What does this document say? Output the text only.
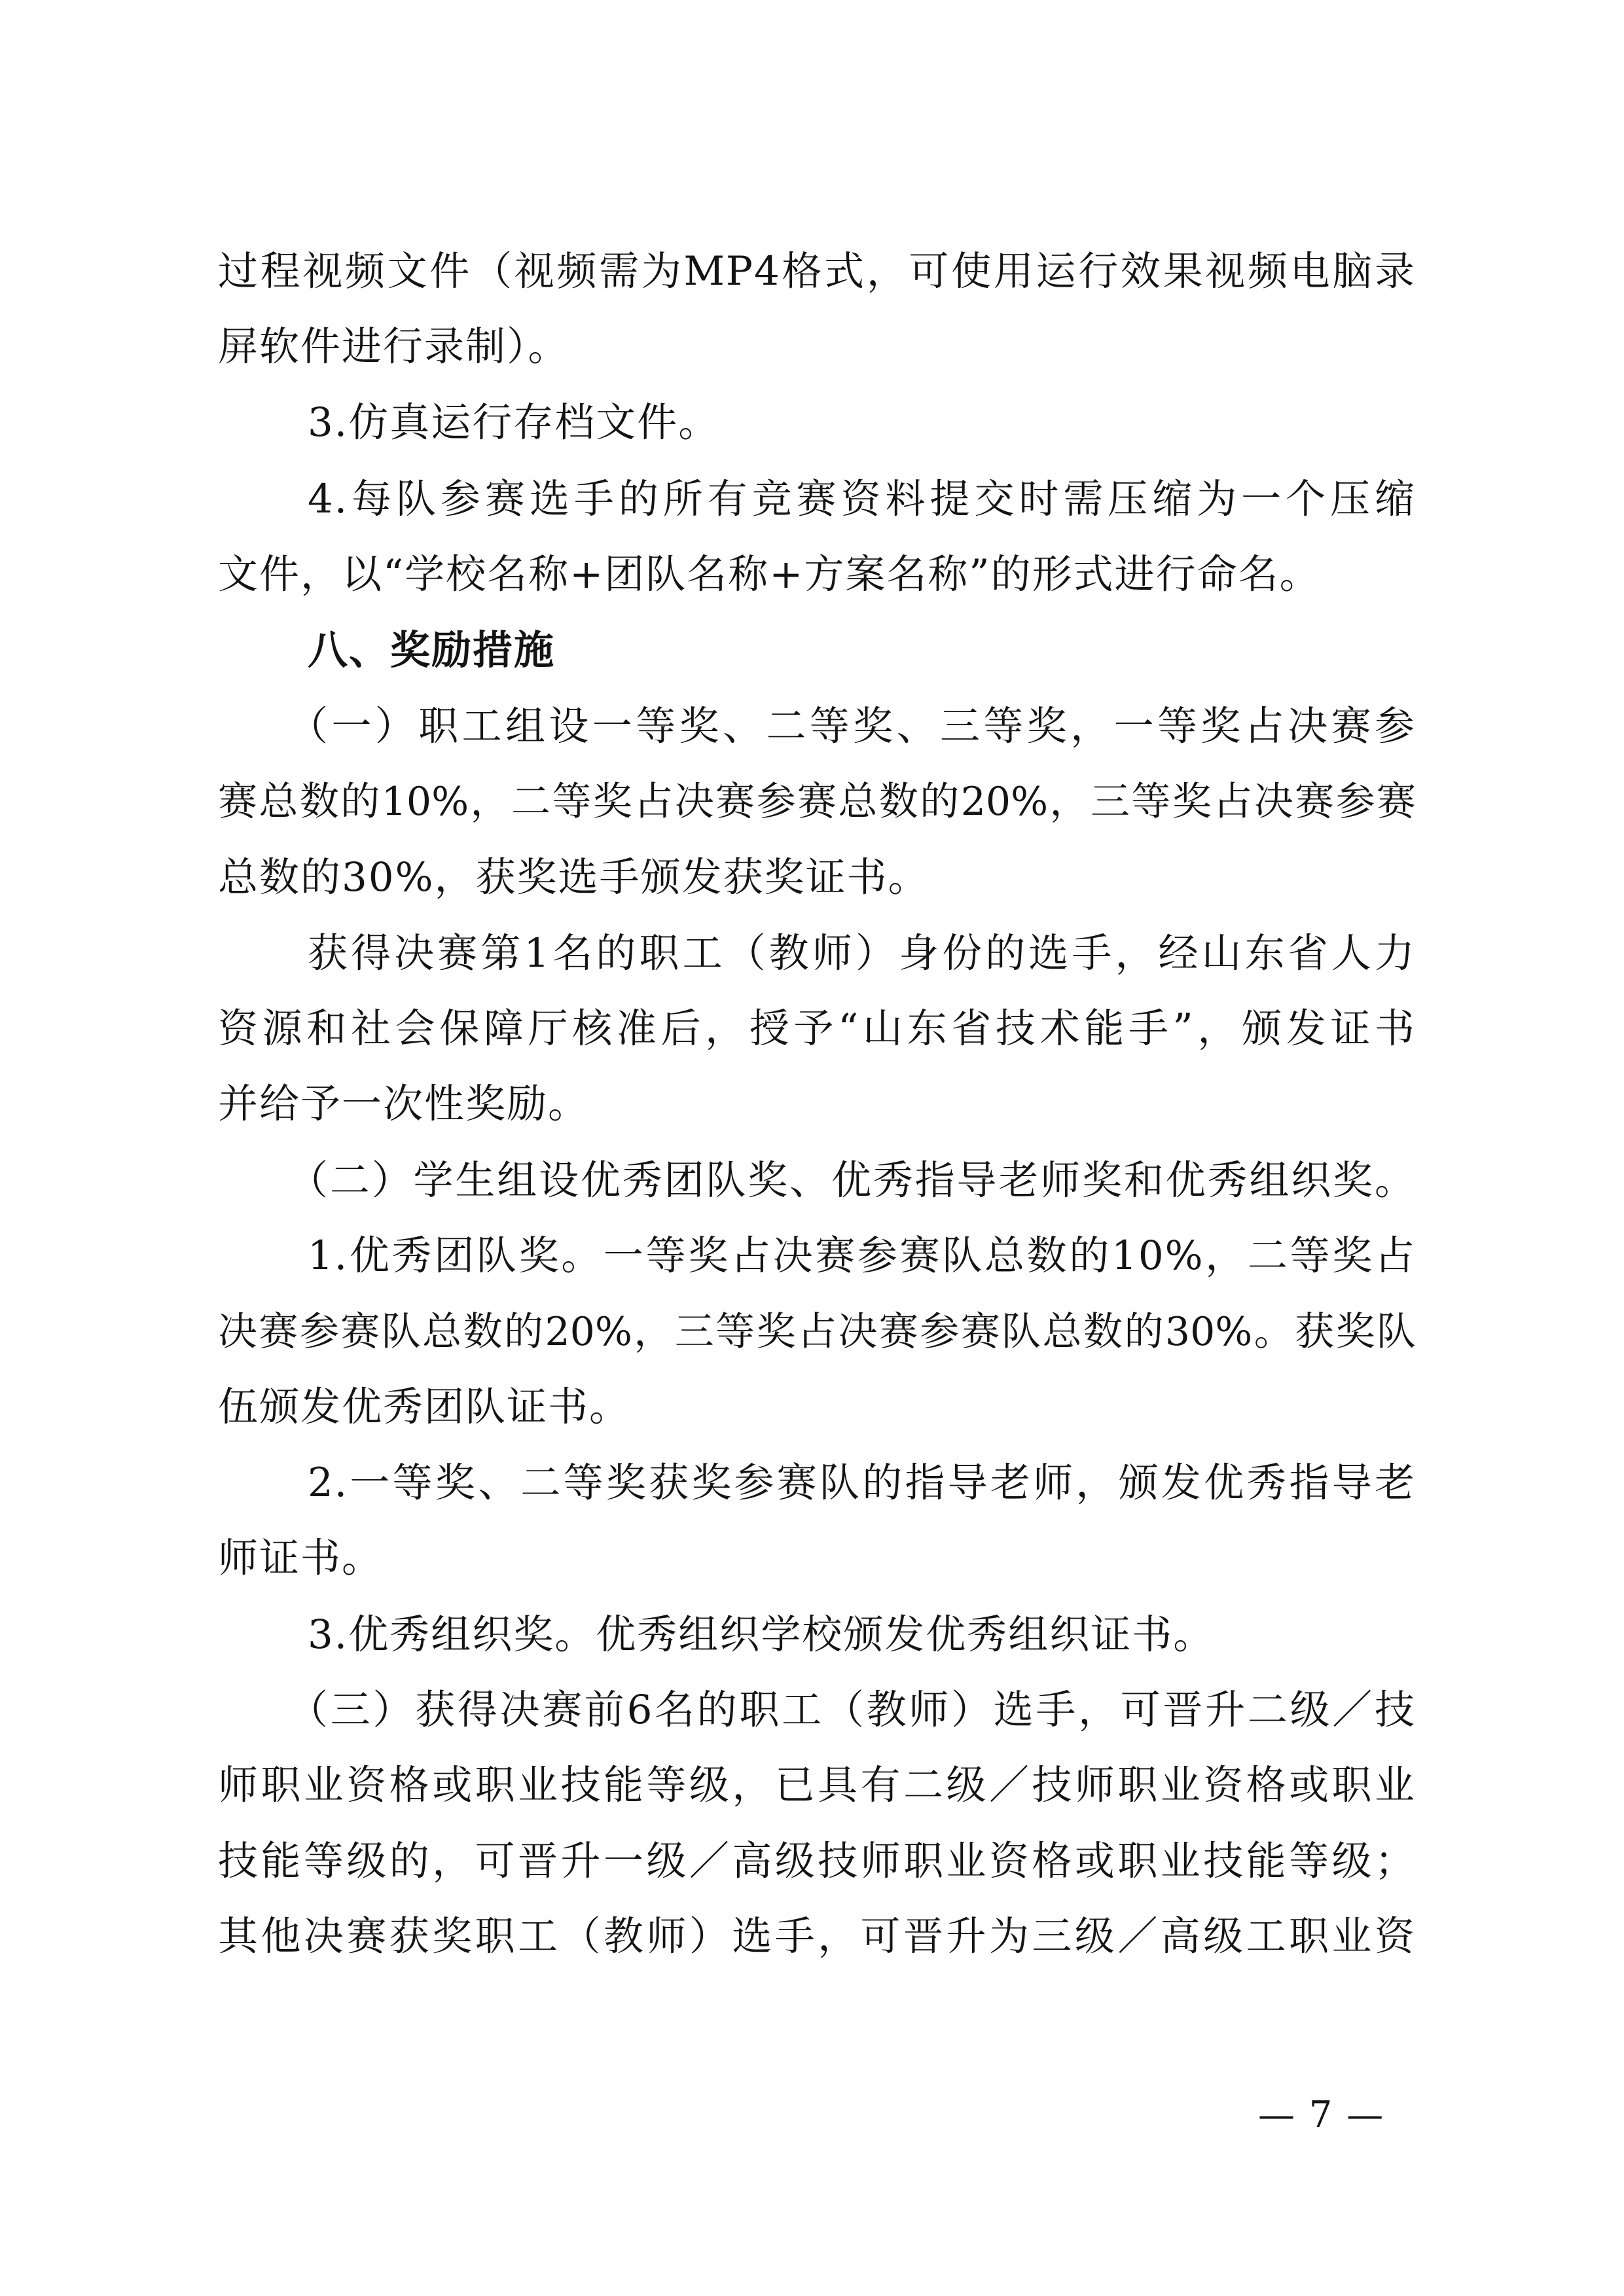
过程视频文件（视频需为MP4格式，可使用运行效果视频电脑录

屏软件进行录制）。

3.仿真运行存档文件。

4.每队参赛选手的所有竞赛资料提交时需压缩为一个压缩

文件，以“学校名称+团队名称+方案名称”的形式进行命名。

八、奖励措施

（一）职工组设一等奖、二等奖、三等奖，一等奖占决赛参

赛总数的10%，二等奖占决赛参赛总数的20%，三等奖占决赛参赛

总数的30%，获奖选手颁发获奖证书。

获得决赛第1名的职工（教师）身份的选手，经山东省人力

资源和社会保障厅核准后，授予“山东省技术能手”，颁发证书

并给予一次性奖励。

（二）学生组设优秀团队奖、优秀指导老师奖和优秀组织奖。

1.优秀团队奖。一等奖占决赛参赛队总数的10%，二等奖占

决赛参赛队总数的20%，三等奖占决赛参赛队总数的30%。获奖队

伍颁发优秀团队证书。

2.一等奖、二等奖获奖参赛队的指导老师，颁发优秀指导老

师证书。

3.优秀组织奖。优秀组织学校颁发优秀组织证书。

（三）获得决赛前6名的职工（教师）选手，可晋升二级／技

师职业资格或职业技能等级，已具有二级／技师职业资格或职业

技能等级的，可晋升一级／高级技师职业资格或职业技能等级；

其他决赛获奖职工（教师）选手，可晋升为三级／高级工职业资

— 7 —
